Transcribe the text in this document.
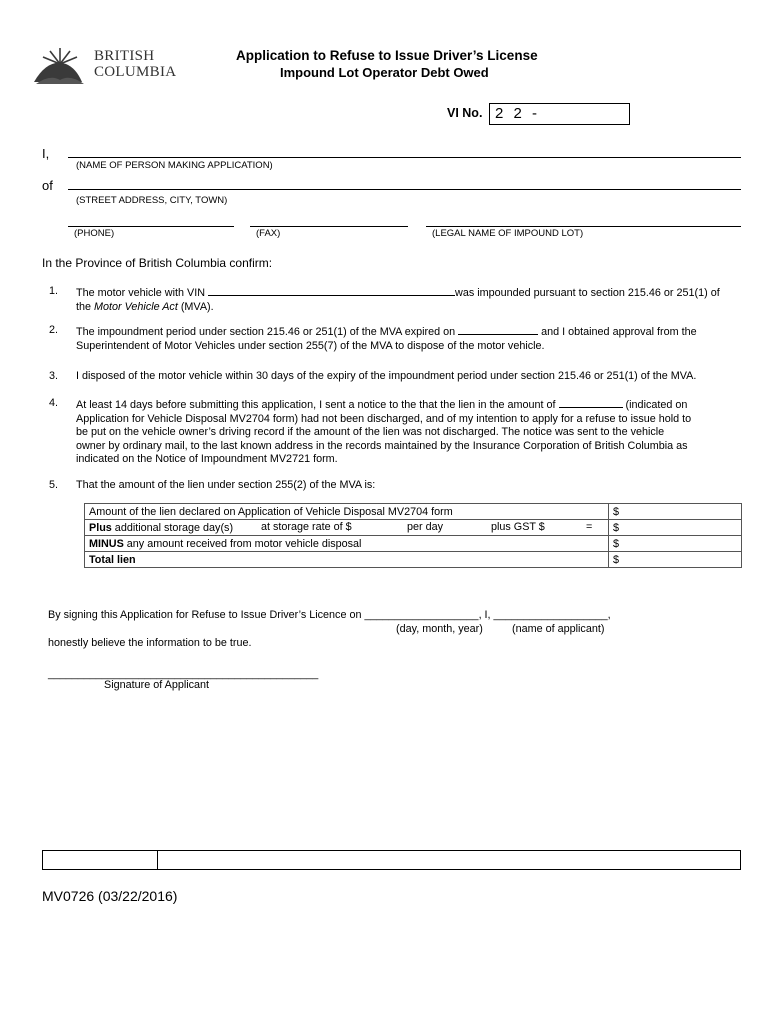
BRITISH
COLUMBIA
Application to Refuse to Issue Driver’s License
Impound Lot Operator Debt Owed
VI No. 2 2 -
I,
(NAME OF PERSON MAKING APPLICATION)
of
(STREET ADDRESS, CITY, TOWN)
(PHONE)	(FAX)	(LEGAL NAME OF IMPOUND LOT)
In the Province of British Columbia confirm:
1. The motor vehicle with VIN	was impounded pursuant to section 215.46 or 251(1) of
the Motor Vehicle Act (MVA).
2. The impoundment period under section 215.46 or 251(1) of the MVA expired on	and I obtained approval from the
Superintendent of Motor Vehicles under section 255(7) of the MVA to dispose of the motor vehicle.
3. I disposed of the motor vehicle within 30 days of the expiry of the impoundment period under section 215.46 or 251(1) of the MVA.
4. At least 14 days before submitting this application, I sent a notice to the that the lien in the amount of	(indicated on
Application for Vehicle Disposal MV2704 form) had not been discharged, and of my intention to apply for a refuse to issue hold to
be put on the vehicle owner’s driving record if the amount of the lien was not discharged. The notice was sent to the vehicle
owner by ordinary mail, to the last known address in the records maintained by the Insurance Corporation of British Columbia as
indicated on the Notice of Impoundment MV2721 form.
5. That the amount of the lien under section 255(2) of the MVA is:
Amount of the lien declared on Application of Vehicle Disposal MV2704 form	$
Plus additional storage day(s) at storage rate of $ per day plus GST $ =	$
MINUS any amount received from motor vehicle disposal	$
Total lien	$
By signing this Application for Refuse to Issue Driver’s Licence on ___________________, I, ___________________,
(day, month, year)	(name of applicant)
honestly believe the information to be true.
_____________________________________________
Signature of Applicant
MV0726 (03/22/2016)
